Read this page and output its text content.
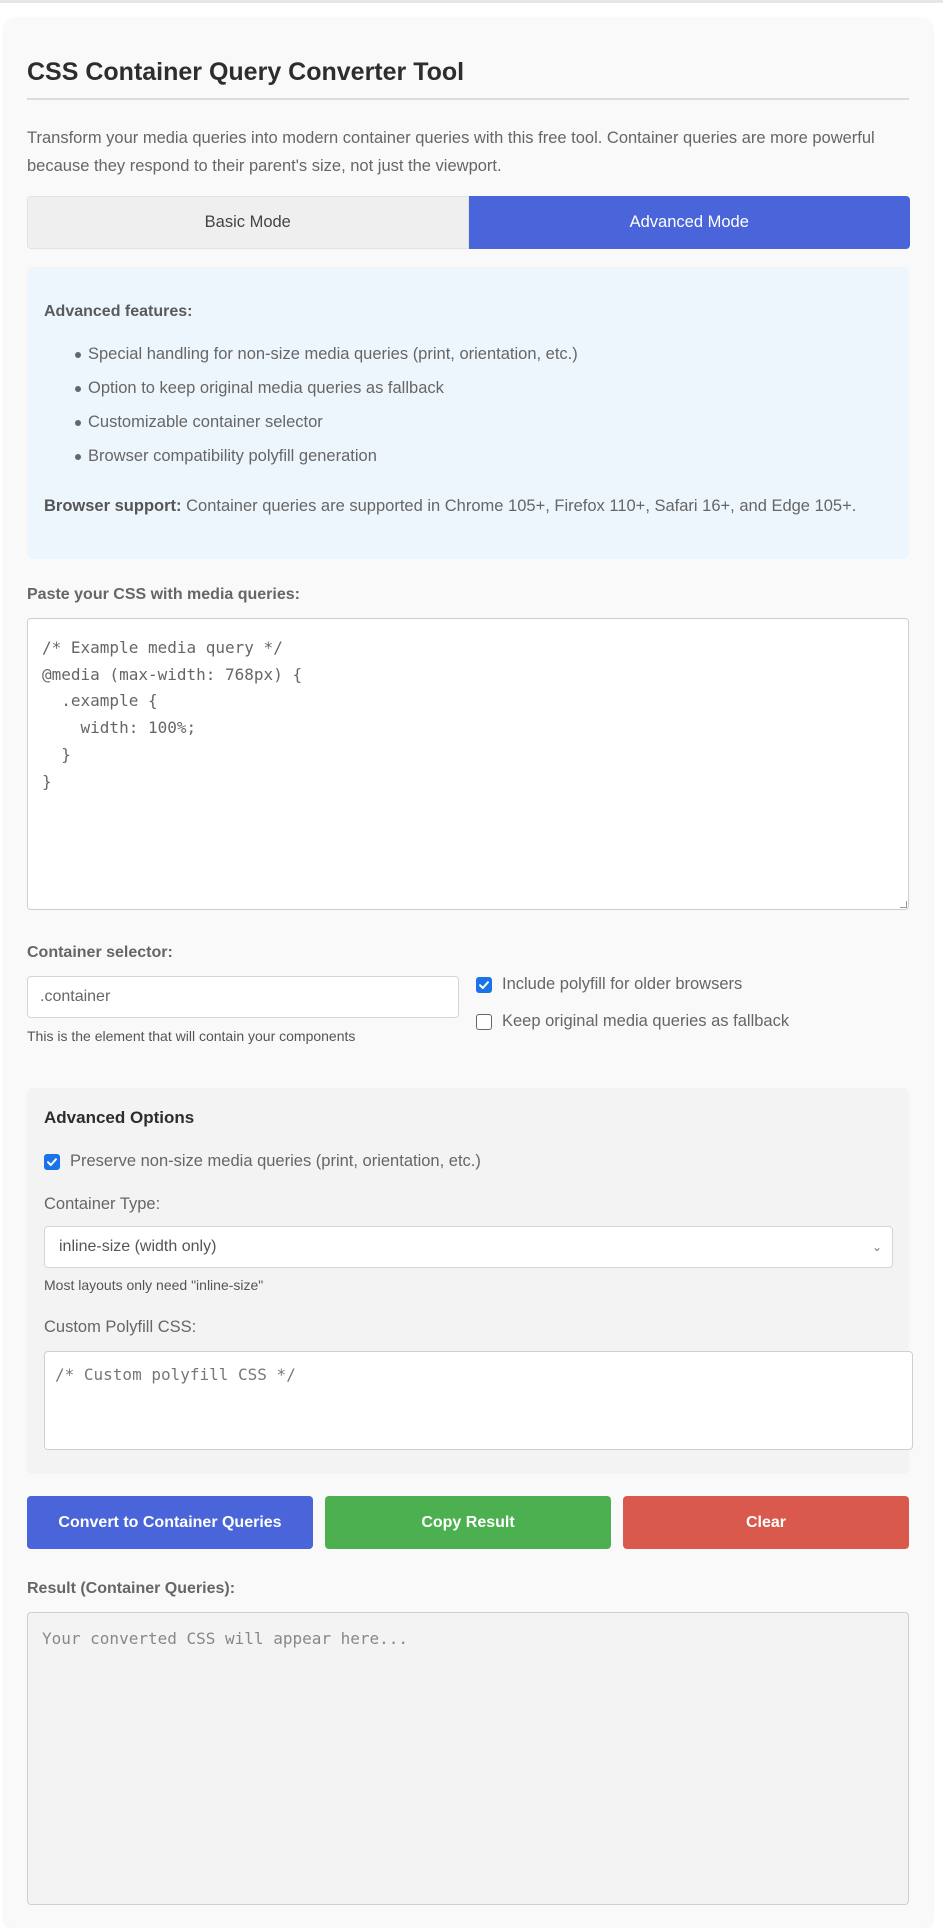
CSS Container Query Converter Tool
Transform your media queries into modern container queries with this free tool. Container queries are more powerful because they respond to their parent's size, not just the viewport.
Basic Mode	Advanced Mode
Advanced features:
Special handling for non-size media queries (print, orientation, etc.)
Option to keep original media queries as fallback
Customizable container selector
Browser compatibility polyfill generation
Browser support: Container queries are supported in Chrome 105+, Firefox 110+, Safari 16+, and Edge 105+.
Paste your CSS with media queries:
/* Example media query */
@media (max-width: 768px) {
.example {
width: 100%;
}
}
Container selector:
.container
This is the element that will contain your components
Include polyfill for older browsers
Keep original media queries as fallback
Advanced Options
Preserve non-size media queries (print, orientation, etc.)
Container Type:
inline-size (width only)	⌄
Most layouts only need "inline-size"
Custom Polyfill CSS:
/* Custom polyfill CSS */
Convert to Container Queries	Copy Result	Clear
Result (Container Queries):
Your converted CSS will appear here...
